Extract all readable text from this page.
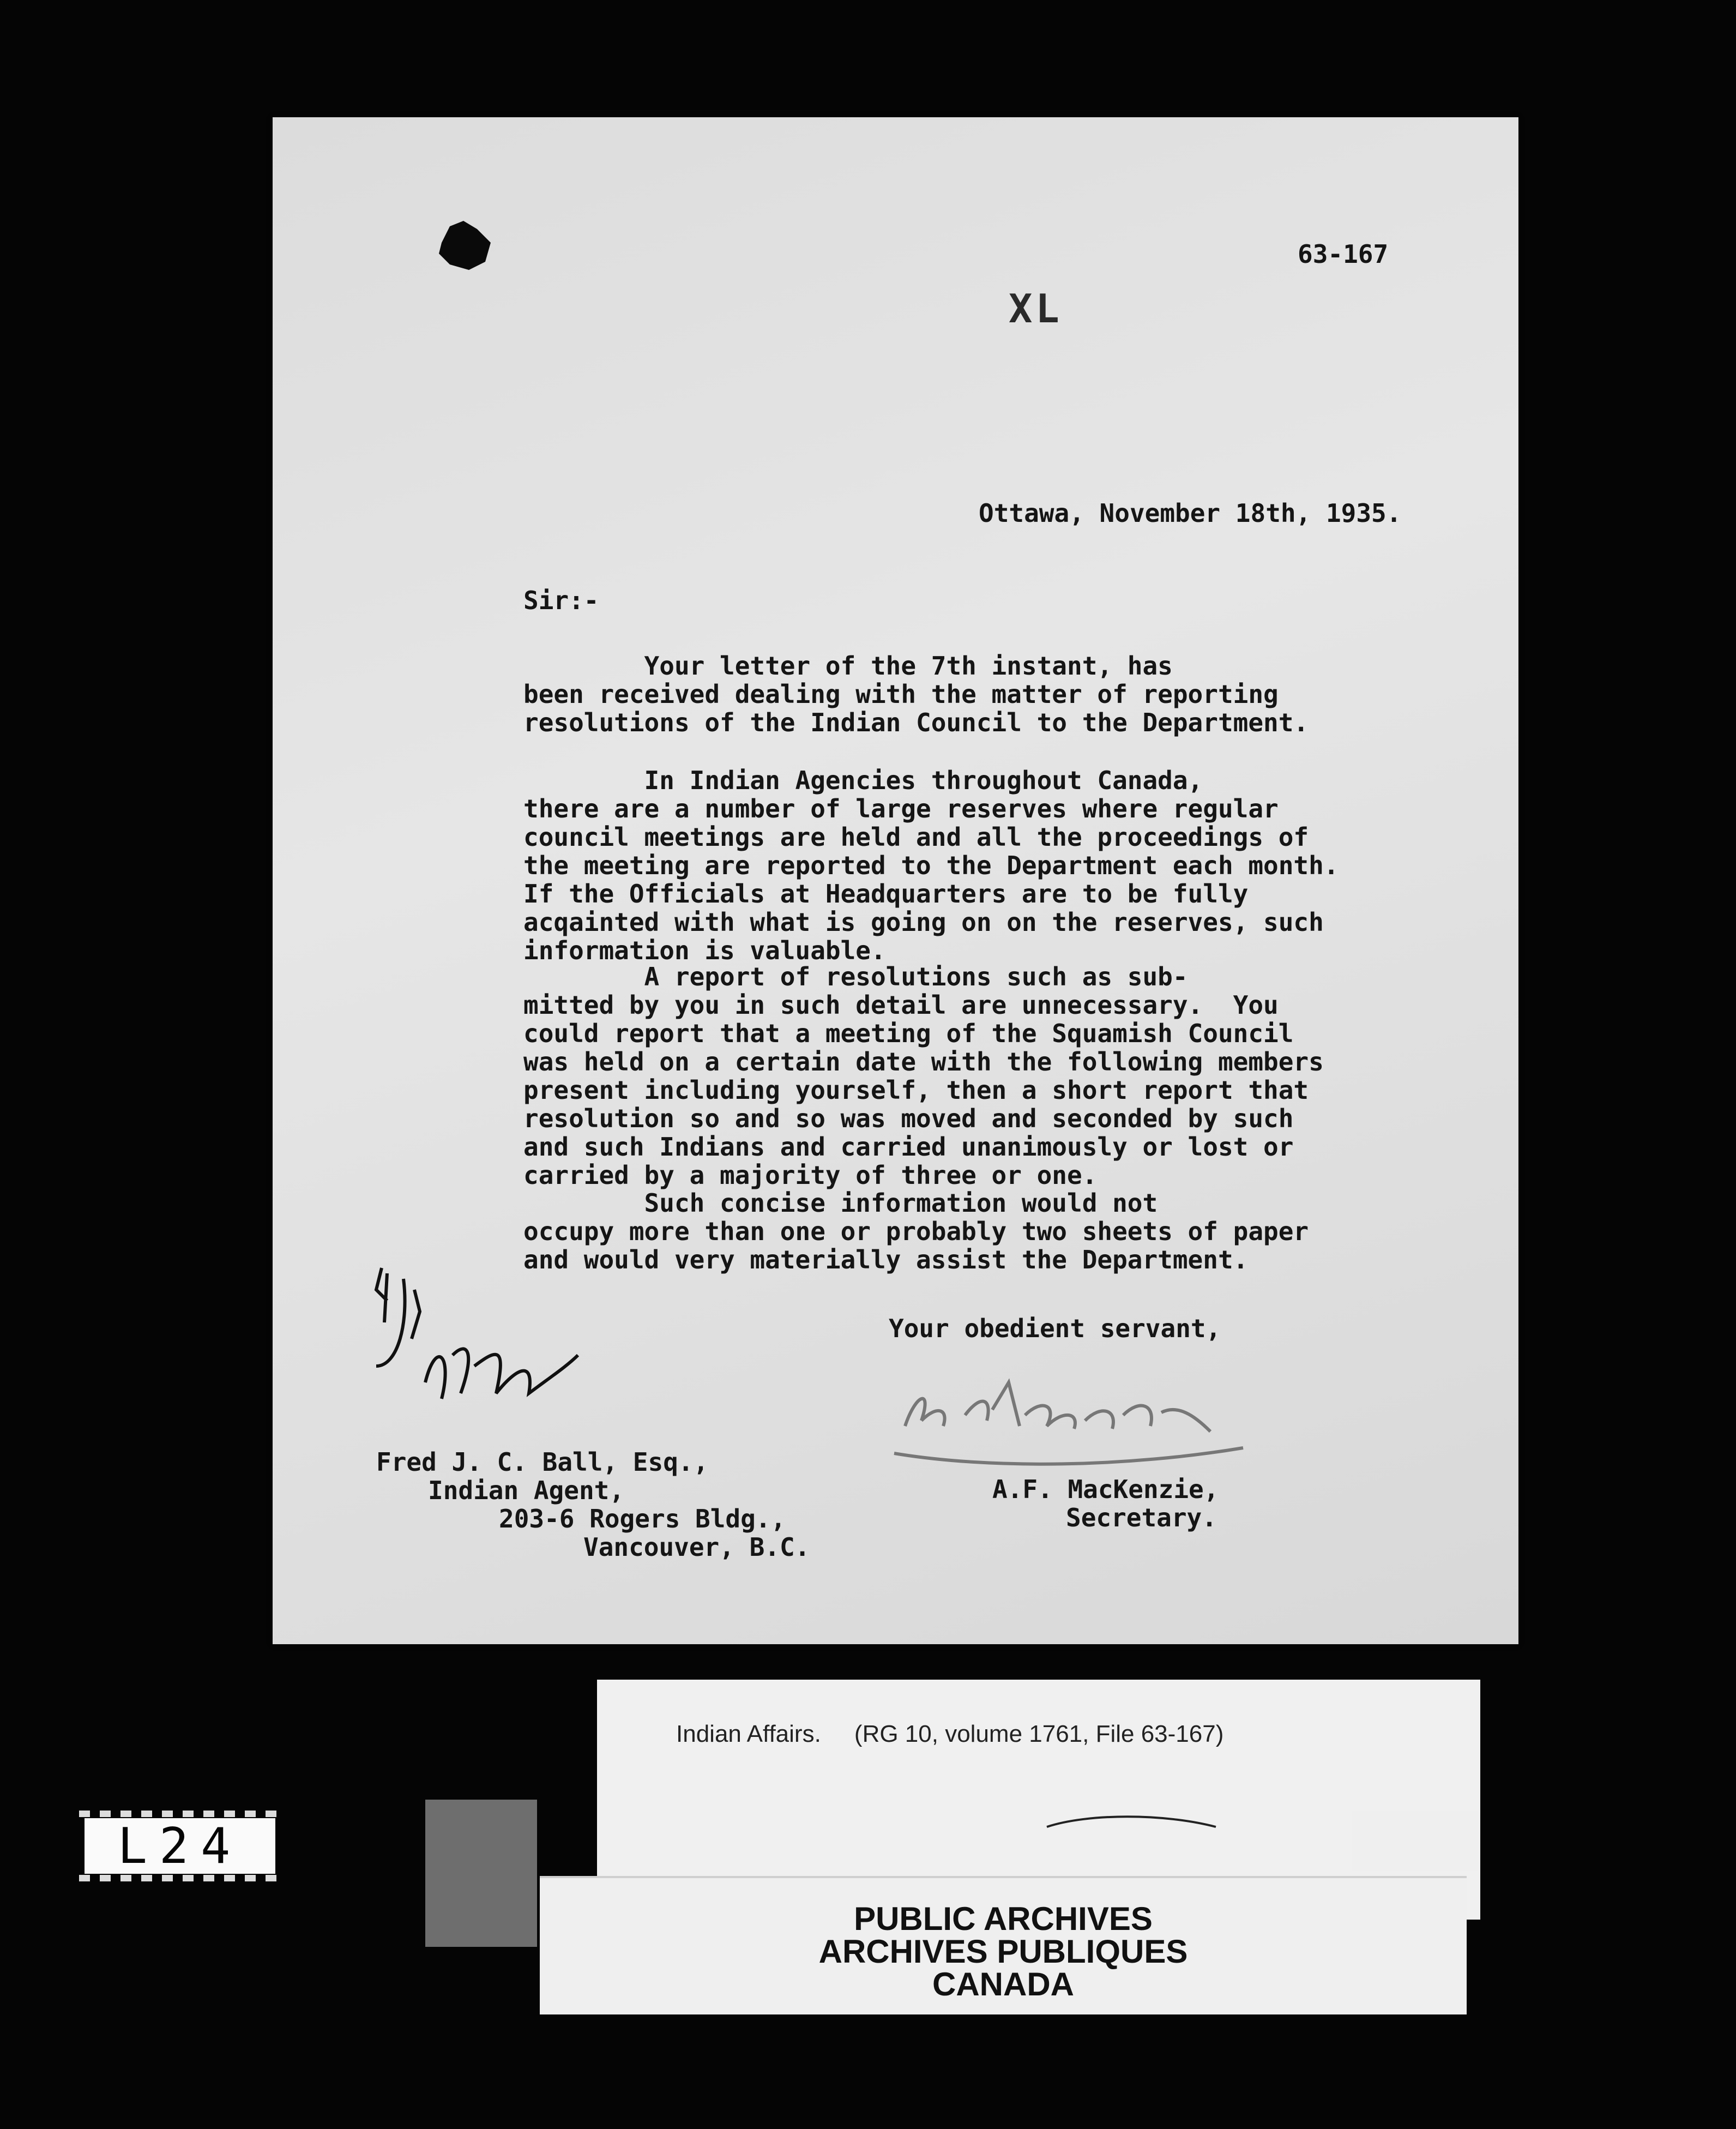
63-167
XL
Ottawa, November 18th, 1935.
Sir:-
Your letter of the 7th instant, has
been received dealing with the matter of reporting
resolutions of the Indian Council to the Department.
In Indian Agencies throughout Canada,
there are a number of large reserves where regular
council meetings are held and all the proceedings of
the meeting are reported to the Department each month.
If the Officials at Headquarters are to be fully
acqainted with what is going on on the reserves, such
information is valuable.
A report of resolutions such as sub-
mitted by you in such detail are unnecessary.  You
could report that a meeting of the Squamish Council
was held on a certain date with the following members
present including yourself, then a short report that
resolution so and so was moved and seconded by such
and such Indians and carried unanimously or lost or
carried by a majority of three or one.
Such concise information would not
occupy more than one or probably two sheets of paper
and would very materially assist the Department.
Your obedient servant,
A.F. MacKenzie,
Secretary.
Fred J. C. Ball, Esq.,
Indian Agent,
203-6 Rogers Bldg.,
Vancouver, B.C.
Indian Affairs.     (RG 10, volume 1761, File 63-167)
PUBLIC ARCHIVES
ARCHIVES PUBLIQUES
CANADA
L24
